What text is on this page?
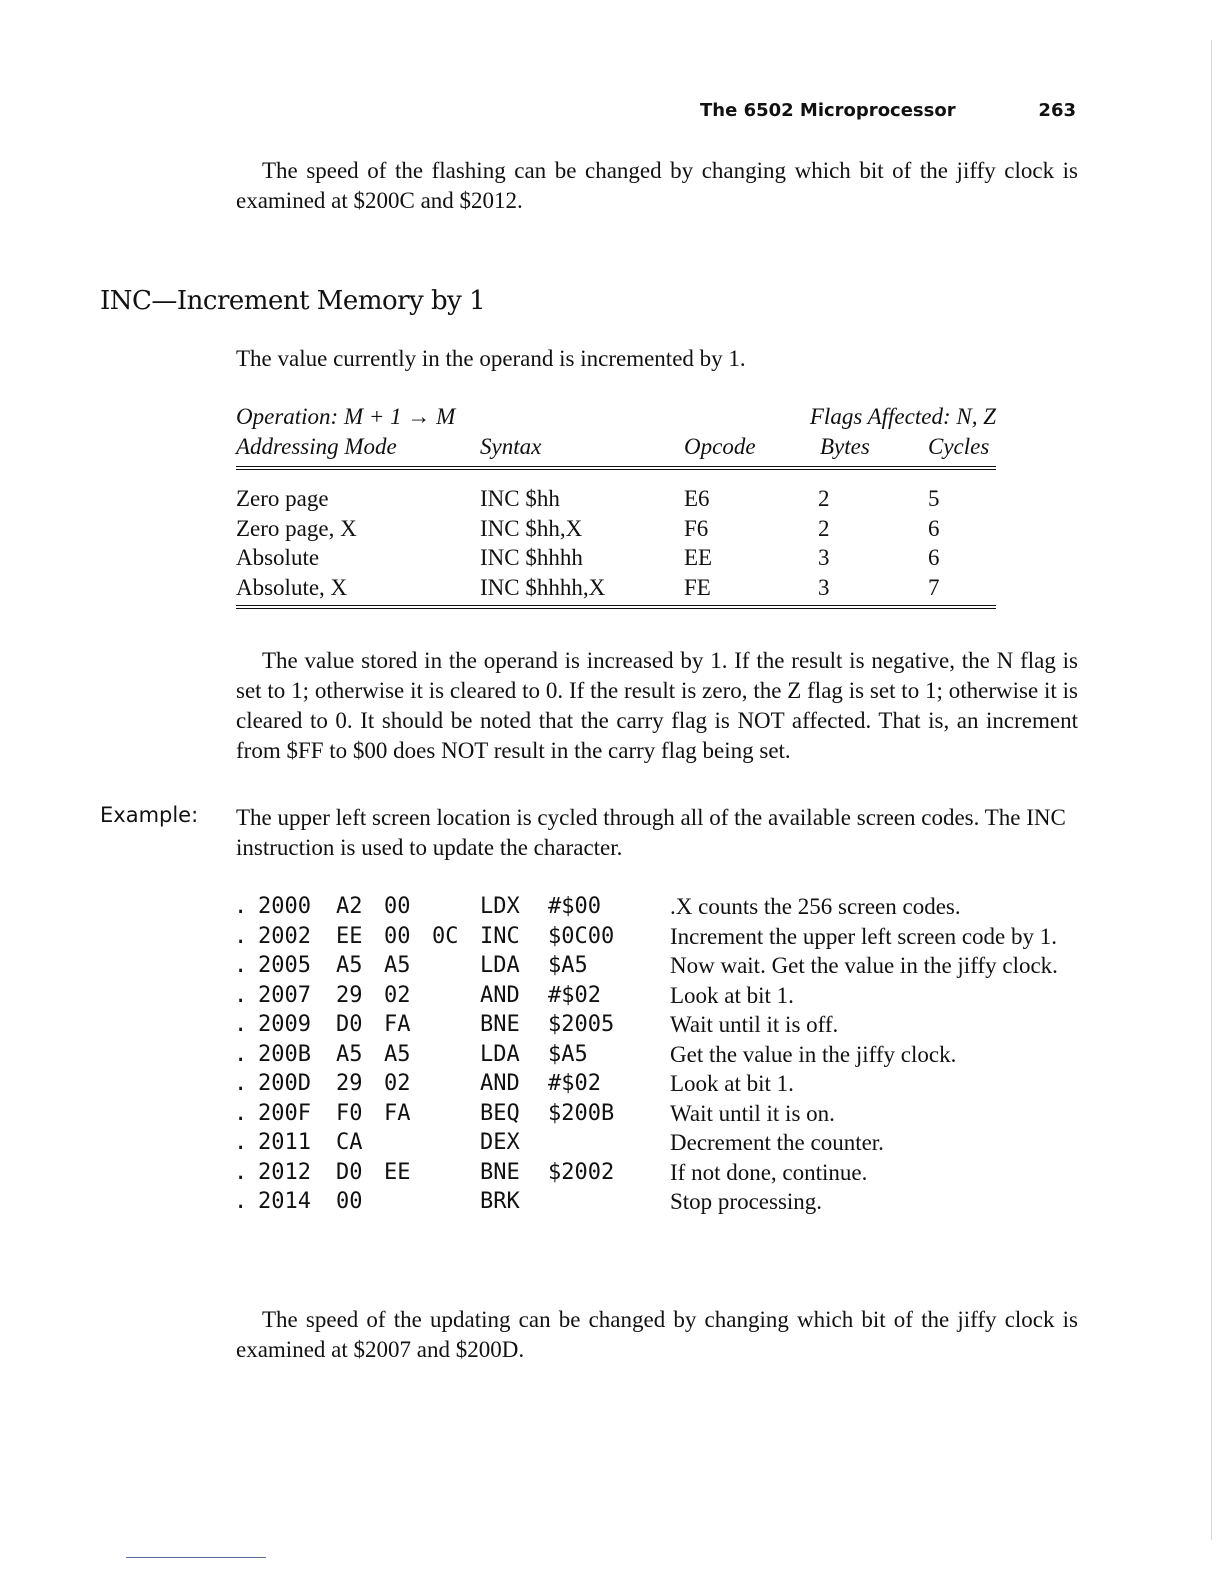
The 6502 Microprocessor	263

The speed of the flashing can be changed by changing which bit of the jiffy clock is examined at $200C and $2012.

INC—Increment Memory by 1
The value currently in the operand is incremented by 1.
Operation: M + 1 → M	Flags Affected: N, Z
Addressing Mode	Syntax	Opcode	Bytes	Cycles
Zero page	INC $hh	E6	2	5
Zero page, X	INC $hh,X	F6	2	6
Absolute	INC $hhhh	EE	3	6
Absolute, X	INC $hhhh,X	FE	3	7

The value stored in the operand is increased by 1. If the result is negative, the N flag is set to 1; otherwise it is cleared to 0. If the result is zero, the Z flag is set to 1; otherwise it is cleared to 0. It should be noted that the carry flag is NOT affected. That is, an increment from $FF to $00 does NOT result in the carry flag being set.

Example: The upper left screen location is cycled through all of the available screen codes. The INC instruction is used to update the character.
. 2000 A2 00	LDX #$00	.X counts the 256 screen codes.
. 2002 EE 00 0C INC $0C00 Increment the upper left screen code by 1.
. 2005 A5 A5	LDA $A5	Now wait. Get the value in the jiffy clock.
. 2007 29 02	AND #$02	Look at bit 1.
. 2009 D0 FA	BNE $2005 Wait until it is off.
. 200B A5 A5	LDA $A5	Get the value in the jiffy clock.
. 200D 29 02	AND #$02	Look at bit 1.
. 200F F0 FA	BEQ $200B Wait until it is on.
. 2011 CA	DEX	Decrement the counter.
. 2012 D0 EE	BNE $2002 If not done, continue.
. 2014 00	BRK	Stop processing.

The speed of the updating can be changed by changing which bit of the jiffy clock is examined at $2007 and $200D.
